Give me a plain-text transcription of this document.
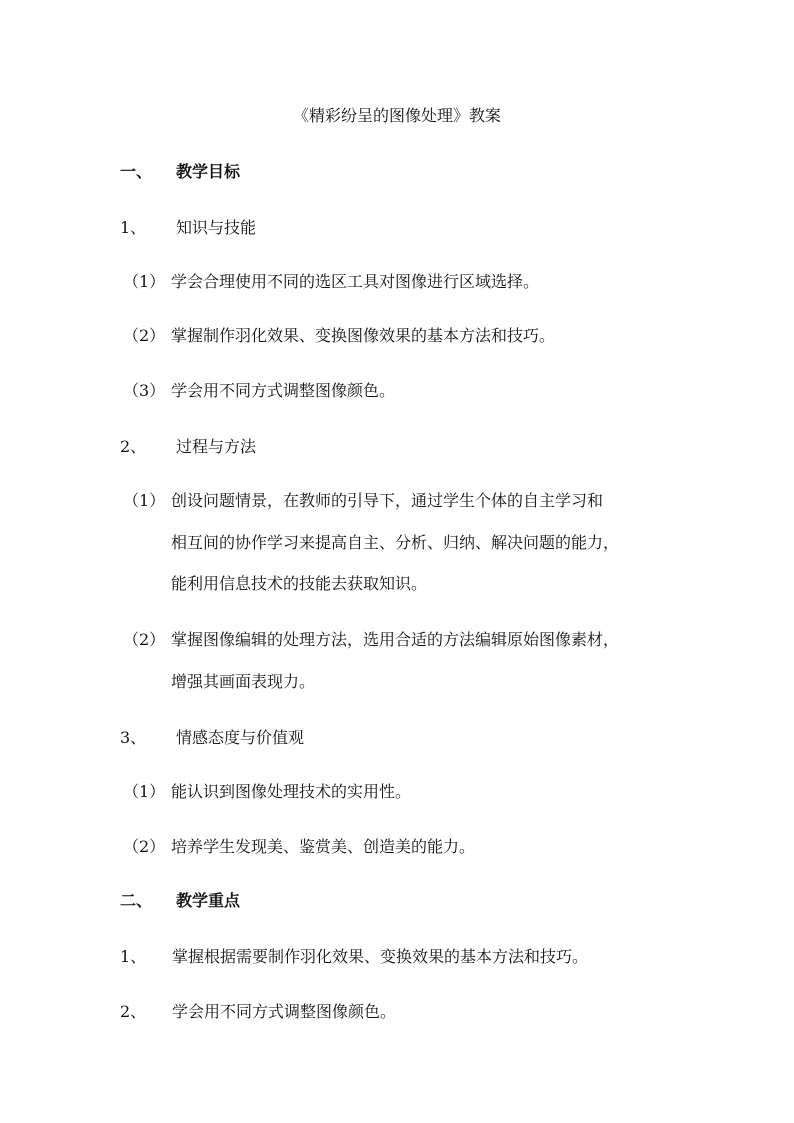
《精彩纷呈的图像处理》教案
一、 教学目标
1、 知识与技能
（1） 学会合理使用不同的选区工具对图像进行区域选择。
（2） 掌握制作羽化效果、变换图像效果的基本方法和技巧。
（3） 学会用不同方式调整图像颜色。
2、 过程与方法
（1） 创设问题情景，在教师的引导下，通过学生个体的自主学习和
相互间的协作学习来提高自主、分析、归纳、解决问题的能力，
能利用信息技术的技能去获取知识。
（2） 掌握图像编辑的处理方法，选用合适的方法编辑原始图像素材，
增强其画面表现力。
3、 情感态度与价值观
（1） 能认识到图像处理技术的实用性。
（2） 培养学生发现美、鉴赏美、创造美的能力。
二、 教学重点
1、 掌握根据需要制作羽化效果、变换效果的基本方法和技巧。
2、 学会用不同方式调整图像颜色。
